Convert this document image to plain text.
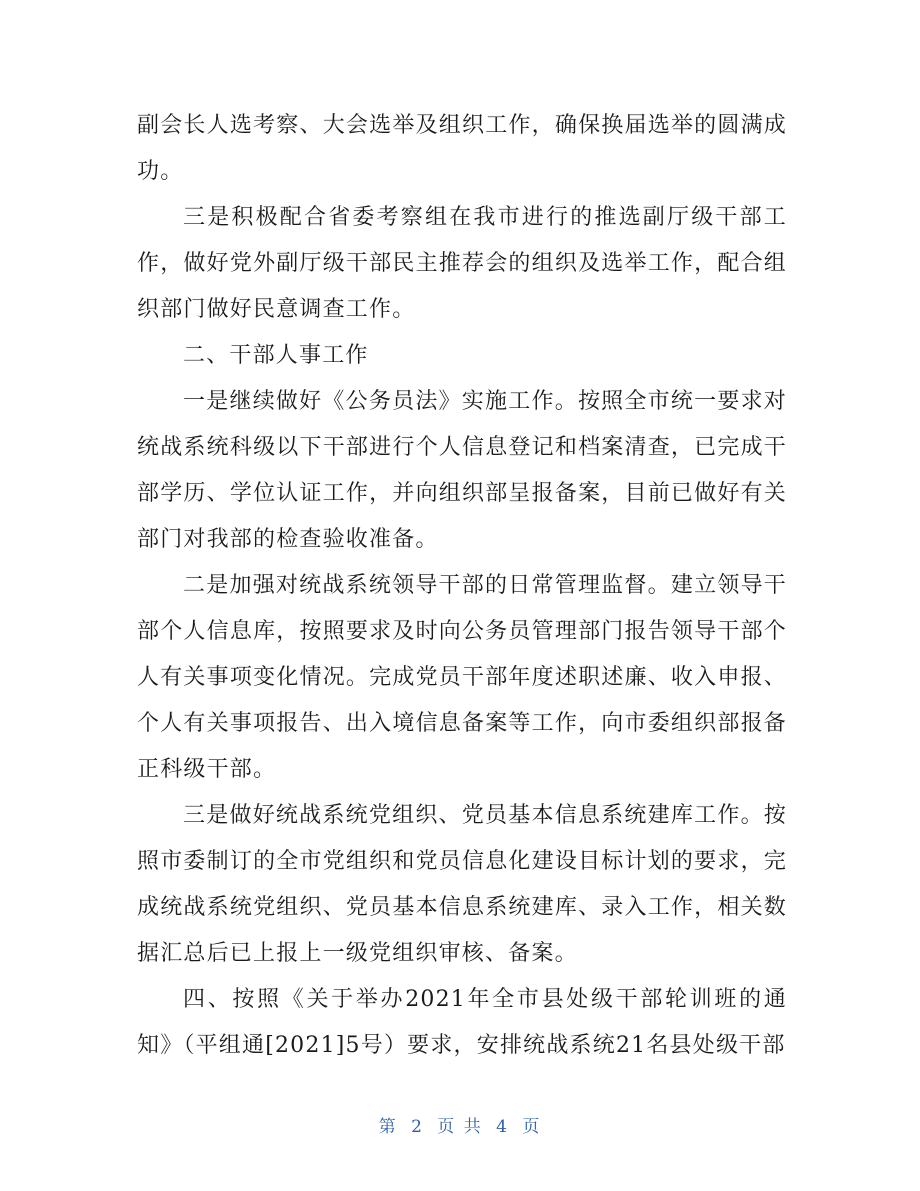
副会长人选考察、大会选举及组织工作，确保换届选举的圆满成功。

三是积极配合省委考察组在我市进行的推选副厅级干部工作，做好党外副厅级干部民主推荐会的组织及选举工作，配合组织部门做好民意调查工作。

二、干部人事工作

一是继续做好《公务员法》实施工作。按照全市统一要求对统战系统科级以下干部进行个人信息登记和档案清查，已完成干部学历、学位认证工作，并向组织部呈报备案，目前已做好有关部门对我部的检查验收准备。

二是加强对统战系统领导干部的日常管理监督。建立领导干部个人信息库，按照要求及时向公务员管理部门报告领导干部个人有关事项变化情况。完成党员干部年度述职述廉、收入申报、个人有关事项报告、出入境信息备案等工作，向市委组织部报备正科级干部。

三是做好统战系统党组织、党员基本信息系统建库工作。按照市委制订的全市党组织和党员信息化建设目标计划的要求，完成统战系统党组织、党员基本信息系统建库、录入工作，相关数据汇总后已上报上一级党组织审核、备案。

四、按照《关于举办2021年全市县处级干部轮训班的通知》（平组通[2021]5号）要求，安排统战系统21名县处级干部

第 2 页 共 4 页
